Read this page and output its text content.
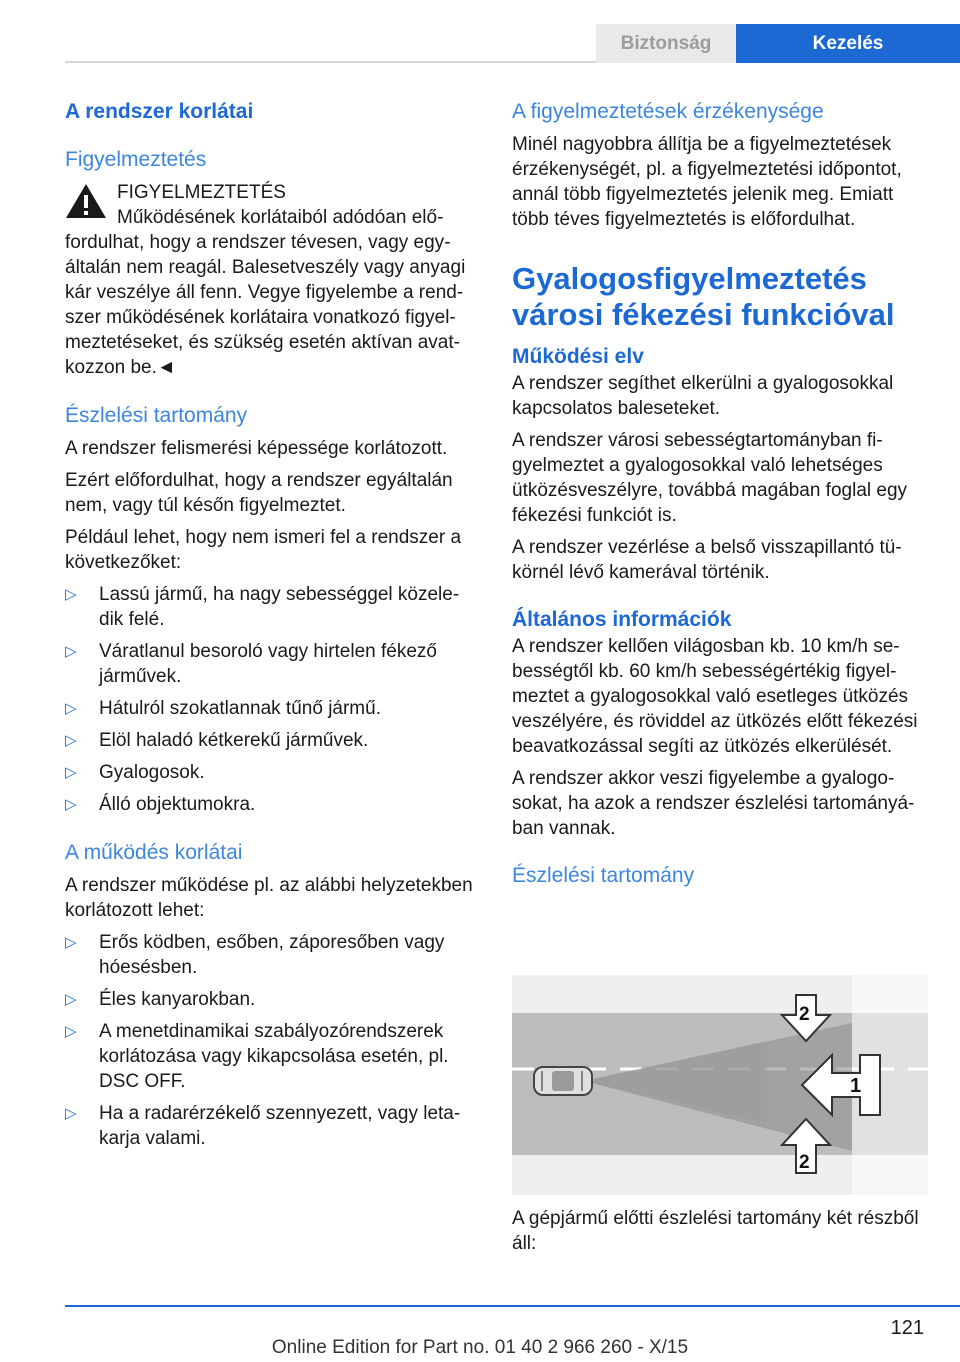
Biztonság	Kezelés
A rendszer korlátai
Figyelmeztetés

FIGYELMEZTETÉS

Működésének korlátaiból adódóan előfordulhat, hogy a rendszer tévesen, vagy egyáltalán nem reagál. Balesetveszély vagy anyagi kár veszélye áll fenn. Vegye figyelembe a rendszer működésének korlátaira vonatkozó figyelmeztetéseket, és szükség esetén aktívan avatkozzon be.◄

Észlelési tartomány

A rendszer felismerési képessége korlátozott.

Ezért előfordulhat, hogy a rendszer egyáltalán nem, vagy túl későn figyelmeztet.

Például lehet, hogy nem ismeri fel a rendszer a következőket:

▷ Lassú jármű, ha nagy sebességgel közeledik felé.
▷ Váratlanul besoroló vagy hirtelen fékező járművek.
▷ Hátulról szokatlannak tűnő jármű.
▷ Elöl haladó kétkerekű járművek.
▷ Gyalogosok.
▷ Álló objektumokra.
A működés korlátai

A rendszer működése pl. az alábbi helyzetekben korlátozott lehet:

▷ Erős ködben, esőben, záporesőben vagy hóesésben.
▷ Éles kanyarokban.
▷ A menetdinamikai szabályozórendszerek korlátozása vagy kikapcsolása esetén, pl. DSC OFF.
▷ Ha a radarérzékelő szennyezett, vagy letakarja valami.
A figyelmeztetések érzékenysége

Minél nagyobbra állítja be a figyelmeztetések érzékenységét, pl. a figyelmeztetési időpontot, annál több figyelmeztetés jelenik meg. Emiatt több téves figyelmeztetés is előfordulhat.

Gyalogosfigyelmeztetés városi fékezési funkcióval
Működési elv

A rendszer segíthet elkerülni a gyalogosokkal kapcsolatos baleseteket.

A rendszer városi sebességtartományban figyelmeztet a gyalogosokkal való lehetséges ütközésveszélyre, továbbá magában foglal egy fékezési funkciót is.

A rendszer vezérlése a belső visszapillantó tükörnél lévő kamerával történik.

Általános információk

A rendszer kellően világosban kb. 10 km/h sebességtől kb. 60 km/h sebességértékig figyelmeztet a gyalogosokkal való esetleges ütközés veszélyére, és röviddel az ütközés előtt fékezési beavatkozással segíti az ütközés elkerülését.

A rendszer akkor veszi figyelembe a gyalogosokat, ha azok a rendszer észlelési tartományában vannak.

Észlelési tartomány
1
2
2

A gépjármű előtti észlelési tartomány két részből áll:

121
Online Edition for Part no. 01 40 2 966 260 - X/15
